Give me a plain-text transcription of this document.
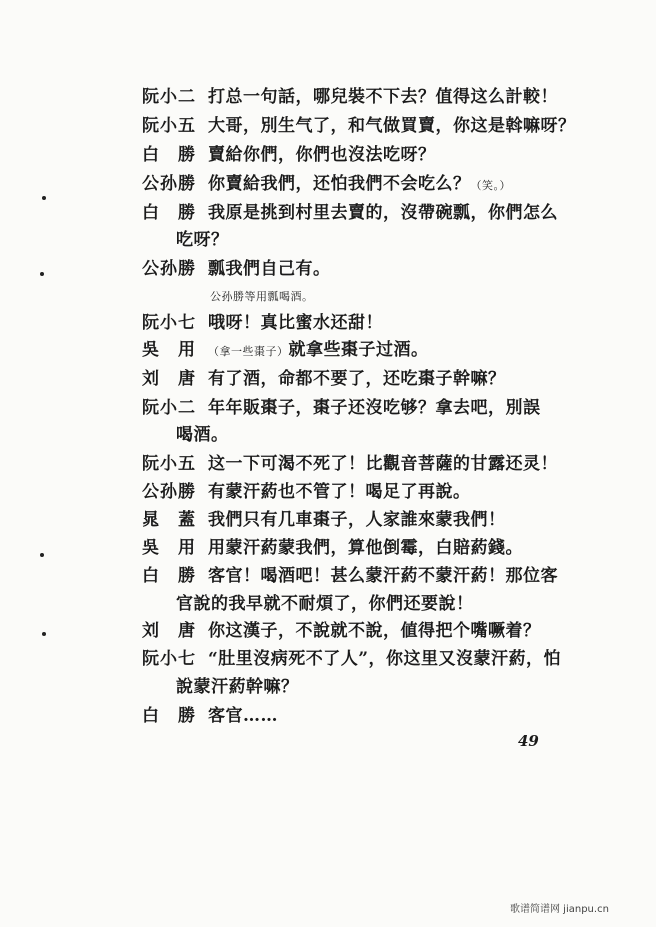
阮小二 打总一句話，哪兒裝不下去？值得这么計較！
阮小五 大哥，別生气了，和气做買賣，你这是斡嘛呀？
白　勝 賣給你們，你們也沒法吃呀？
公孙勝 你賣給我們，还怕我們不会吃么？（笑。）
白　勝 我原是挑到村里去賣的，沒帶碗瓢，你們怎么
吃呀？
公孙勝 瓢我們自己有。
公孙勝等用瓢喝酒。
阮小七 哦呀！真比蜜水还甜！
吳　用 （拿一些棗子）就拿些棗子过酒。
刘　唐 有了酒，命都不要了，还吃棗子幹嘛？
阮小二 年年販棗子，棗子还沒吃够？拿去吧，別誤
喝酒。
阮小五 这一下可渴不死了！比觀音菩薩的甘露还灵！
公孙勝 有蒙汗葯也不管了！喝足了再說。
晁　蓋 我們只有几車棗子，人家誰來蒙我們！
吳　用 用蒙汗葯蒙我們，算他倒霉，白賠葯錢。
白　勝 客官！喝酒吧！甚么蒙汗葯不蒙汗葯！那位客
官說的我早就不耐煩了，你們还要說！
刘　唐 你这漢子，不說就不說，値得把个嘴噘着？
阮小七 “肚里沒病死不了人”，你这里又沒蒙汗葯，怕
說蒙汗葯幹嘛？
白　勝 客官……
49
歌谱简谱网 jianpu.cn
